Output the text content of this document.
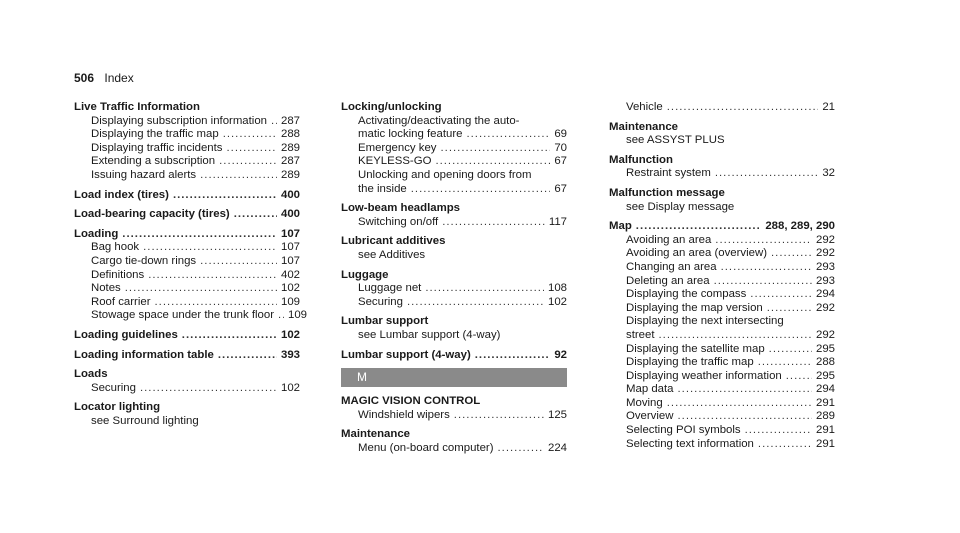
506 Index
Live Traffic Information
Displaying subscription information ..... 287
Displaying the traffic map .....	288
Displaying traffic incidents .....	289
Extending a subscription .....	287
Issuing hazard alerts .....	289
Load index (tires) .....	400
Load-bearing capacity (tires) .....	400
Loading .....	107
Bag hook .....	107
Cargo tie-down rings .....	107
Definitions .....	402
Notes .....	102
Roof carrier .....	109
Stowage space under the trunk floor ..... 109
Loading guidelines .....	102
Loading information table .....	393
Loads
Securing .....	102
Locator lighting
see Surround lighting
Locking/unlocking
Activating/deactivating the auto-
matic locking feature .....	69
Emergency key .....	70
KEYLESS-GO .....	67
Unlocking and opening doors from
the inside .....	67
Low-beam headlamps
Switching on/off .....	117
Lubricant additives
see Additives
Luggage
Luggage net .....	108
Securing .....	102
Lumbar support
see Lumbar support (4-way)
Lumbar support (4-way) .....	92
M
MAGIC VISION CONTROL
Windshield wipers .....	125
Maintenance
Menu (on-board computer) .....	224
Vehicle .....	21
Maintenance
see ASSYST PLUS
Malfunction
Restraint system .....	32
Malfunction message
see Display message
Map .....	288, 289, 290
Avoiding an area .....	292
Avoiding an area (overview) .....	292
Changing an area .....	293
Deleting an area .....	293
Displaying the compass .....	294
Displaying the map version .....	292
Displaying the next intersecting
street .....	292
Displaying the satellite map .....	295
Displaying the traffic map .....	288
Displaying weather information .....	295
Map data .....	294
Moving .....	291
Overview .....	289
Selecting POI symbols .....	291
Selecting text information .....	291
